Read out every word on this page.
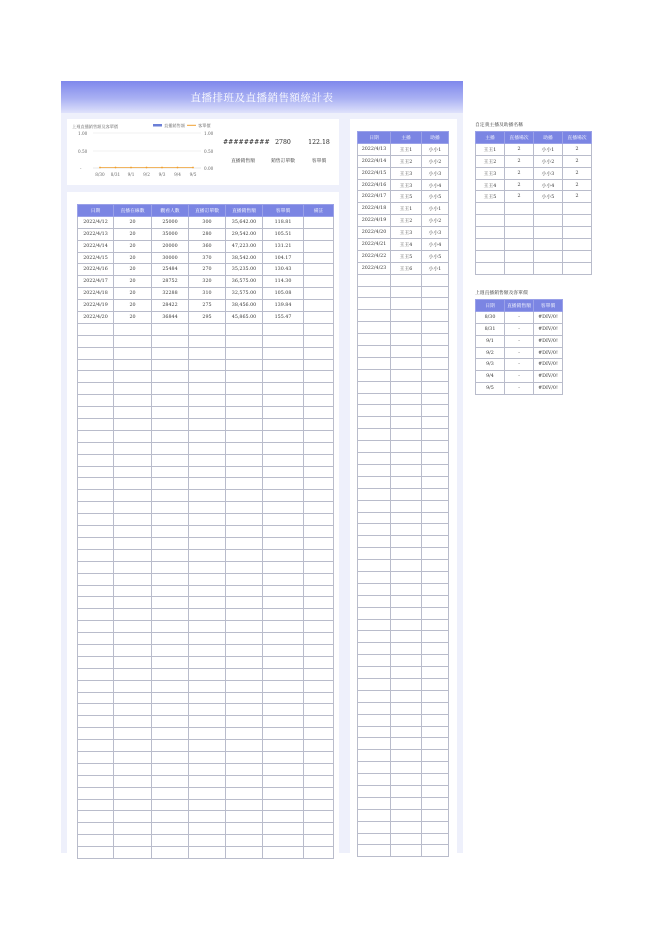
直播排班及直播銷售額統計表
上週直播銷售額及客單價	直播銷售額	客單價
1.00
0.50
-
1.00
0.50
0.00
8/30 8/31 9/1 9/2 9/3 9/4 9/5
######### 2780	122.18
直播銷售額	銷售訂單數	客單價
日期	直播在線數	觀看人數	直播訂單數	直播銷售額	客單價	備註
2022/4/12	20	25000	300	35,642.00	118.81	
2022/4/13	20	35000	280	29,542.00	105.51	
2022/4/14	20	20000	360	47,223.00	131.21	
2022/4/15	20	30000	370	38,542.00	104.17	
2022/4/16	20	25484	270	35,235.00	130.43	
2022/4/17	20	28752	320	36,575.00	114.30	
2022/4/18	20	32288	310	32,575.00	105.08	
2022/4/19	20	28422	275	38,456.00	139.84	
2022/4/20	20	36844	295	45,865.00	155.47	

日期	主播	助播
2022/4/13	王王1	小小1
2022/4/14	王王2	小小2
2022/4/15	王王3	小小3
2022/4/16	王王3	小小4
2022/4/17	王王5	小小5
2022/4/18	王王1	小小1
2022/4/19	王王2	小小2
2022/4/20	王王3	小小3
2022/4/21	王王4	小小4
2022/4/22	王王5	小小5
2022/4/23	王王6	小小1

自定義主播及助播名稱
主播	直播場次	助播	直播場次
王王1	2	小小1	2
王王2	2	小小2	2
王王3	2	小小3	2
王王4	2	小小4	2
王王5	2	小小5	2

上週直播銷售額及客單價
日期	直播銷售額	客單價
8/30	-	#DIV/0!
8/31	-	#DIV/0!
9/1	-	#DIV/0!
9/2	-	#DIV/0!
9/3	-	#DIV/0!
9/4	-	#DIV/0!
9/5	-	#DIV/0!
